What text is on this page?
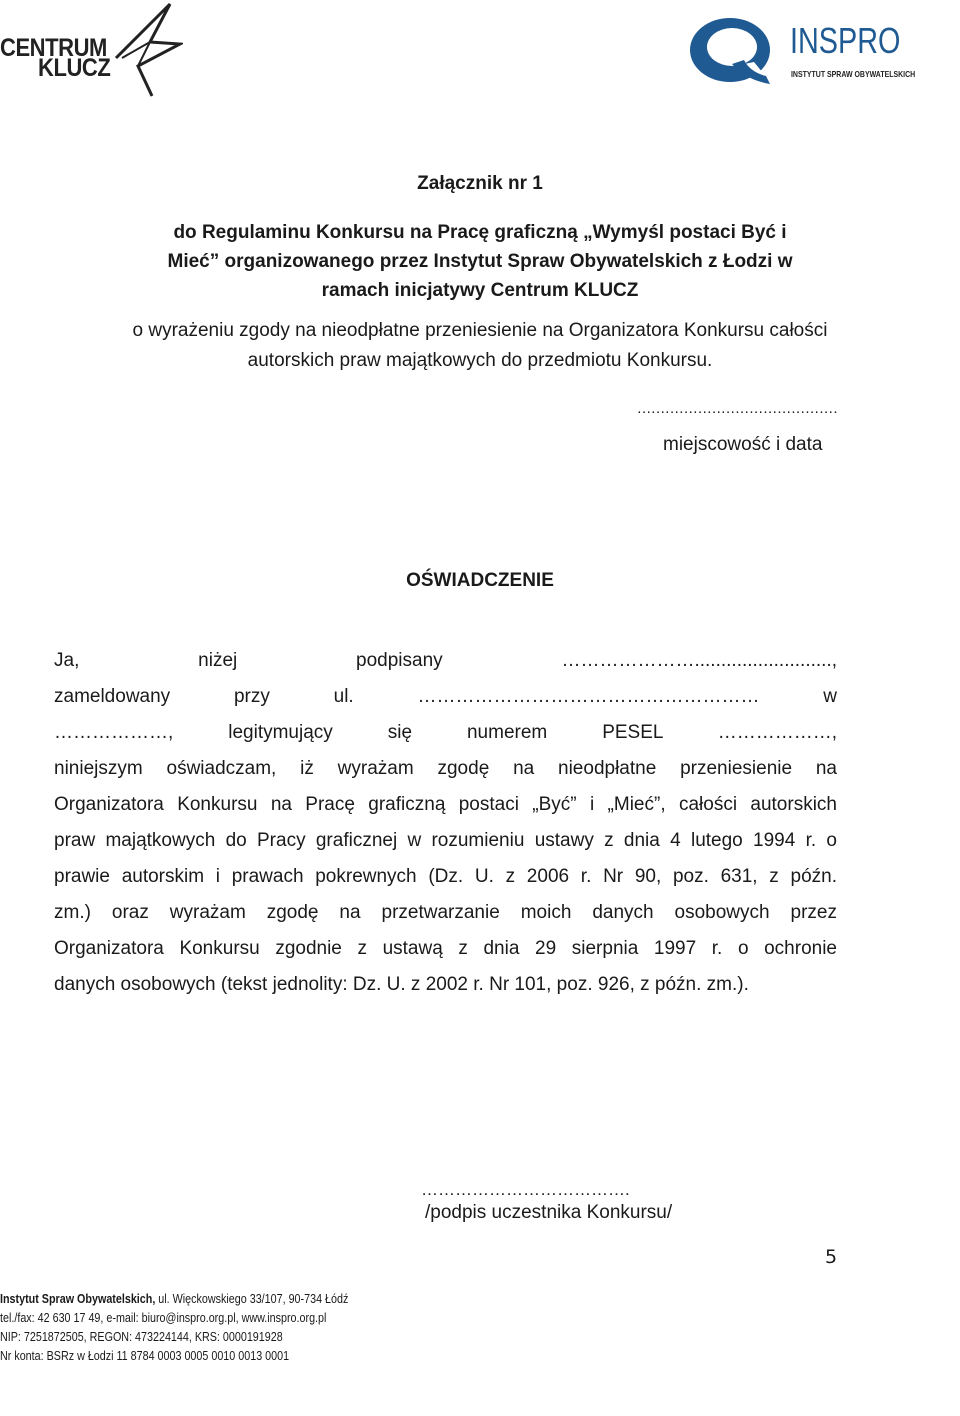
CENTRUM
KLUCZ
INSPRO
INSTYTUT SPRAW OBYWATELSKICH
Załącznik nr 1
do Regulaminu Konkursu na Pracę graficzną „Wymyśl postaci Być i
Mieć” organizowanego przez Instytut Spraw Obywatelskich z Łodzi w
ramach inicjatywy Centrum KLUCZ
o wyrażeniu zgody na nieodpłatne przeniesienie na Organizatora Konkursu całości
autorskich praw majątkowych do przedmiotu Konkursu.
...........................................
miejscowość i data
OŚWIADCZENIE
Ja, niżej podpisany …………………..........................,
zameldowany przy ul. ……………………………………………… w
………………, legitymujący się numerem PESEL ………………,
niniejszym oświadczam, iż wyrażam zgodę na nieodpłatne przeniesienie na
Organizatora Konkursu na Pracę graficzną postaci „Być” i „Mieć”, całości autorskich
praw majątkowych do Pracy graficznej w rozumieniu ustawy z dnia 4 lutego 1994 r. o
prawie autorskim i prawach pokrewnych (Dz. U. z 2006 r. Nr 90, poz. 631, z późn.
zm.) oraz wyrażam zgodę na przetwarzanie moich danych osobowych przez
Organizatora Konkursu zgodnie z ustawą z dnia 29 sierpnia 1997 r. o ochronie
danych osobowych (tekst jednolity: Dz. U. z 2002 r. Nr 101, poz. 926, z późn. zm.).
……………………………….
/podpis uczestnika Konkursu/
5
Instytut Spraw Obywatelskich, ul. Więckowskiego 33/107, 90-734 Łódź
tel./fax: 42 630 17 49, e-mail: biuro@inspro.org.pl, www.inspro.org.pl
NIP: 7251872505, REGON: 473224144, KRS: 0000191928
Nr konta: BSRz w Łodzi 11 8784 0003 0005 0010 0013 0001
